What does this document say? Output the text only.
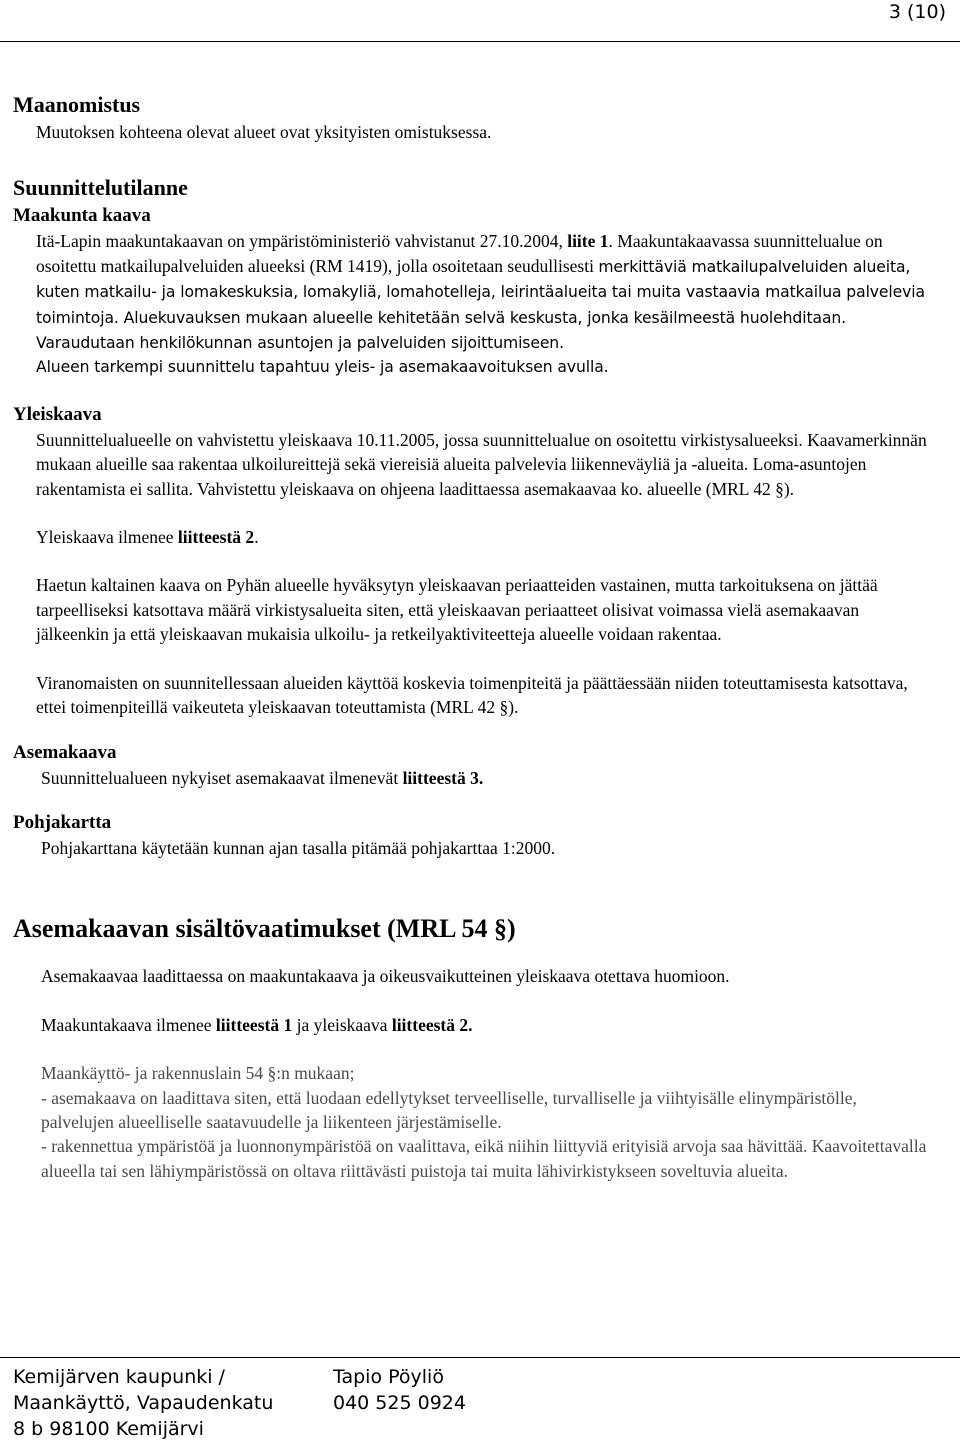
3 (10)
Maanomistus

Muutoksen kohteena olevat alueet ovat yksityisten omistuksessa.

Suunnittelutilanne
Maakunta kaava

Itä-Lapin maakuntakaavan on ympäristöministeriö vahvistanut 27.10.2004, liite 1. Maakuntakaavassa suunnittelualue on osoitettu matkailupalveluiden alueeksi (RM 1419), jolla osoitetaan seudullisesti merkittäviä matkailupalveluiden alueita, kuten matkailu- ja lomakeskuksia, lomakyliä, lomahotelleja, leirintäalueita tai muita vastaavia matkailua palvelevia toimintoja. Aluekuvauksen mukaan alueelle kehitetään selvä keskusta, jonka kesäilmeestä huolehditaan. Varaudutaan henkilökunnan asuntojen ja palveluiden sijoittumiseen.

Alueen tarkempi suunnittelu tapahtuu yleis- ja asemakaavoituksen avulla.

Yleiskaava

Suunnittelualueelle on vahvistettu yleiskaava 10.11.2005, jossa suunnittelualue on osoitettu virkistysalueeksi. Kaavamerkinnän mukaan alueille saa rakentaa ulkoilureittejä sekä viereisiä alueita palvelevia liikenneväyliä ja -alueita. Loma-asuntojen rakentamista ei sallita. Vahvistettu yleiskaava on ohjeena laadittaessa asemakaavaa ko. alueelle (MRL 42 §).

Yleiskaava ilmenee liitteestä 2.

Haetun kaltainen kaava on Pyhän alueelle hyväksytyn yleiskaavan periaatteiden vastainen, mutta tarkoituksena on jättää tarpeelliseksi katsottava määrä virkistysalueita siten, että yleiskaavan periaatteet olisivat voimassa vielä asemakaavan jälkeenkin ja että yleiskaavan mukaisia ulkoilu- ja retkeilyaktiviteetteja alueelle voidaan rakentaa.

Viranomaisten on suunnitellessaan alueiden käyttöä koskevia toimenpiteitä ja päättäessään niiden toteuttamisesta katsottava, ettei toimenpiteillä vaikeuteta yleiskaavan toteuttamista (MRL 42 §).

Asemakaava

Suunnittelualueen nykyiset asemakaavat ilmenevät liitteestä 3.

Pohjakartta

Pohjakarttana käytetään kunnan ajan tasalla pitämää pohjakarttaa 1:2000.

Asemakaavan sisältövaatimukset (MRL 54 §)

Asemakaavaa laadittaessa on maakuntakaava ja oikeusvaikutteinen yleiskaava otettava huomioon.

Maakuntakaava ilmenee liitteestä 1 ja yleiskaava liitteestä 2.

Maankäyttö- ja rakennuslain 54 §:n mukaan;

- asemakaava on laadittava siten, että luodaan edellytykset terveelliselle, turvalliselle ja viihtyisälle elinympäristölle, palvelujen alueelliselle saatavuudelle ja liikenteen järjestämiselle.

- rakennettua ympäristöä ja luonnonympäristöä on vaalittava, eikä niihin liittyviä erityisiä arvoja saa hävittää. Kaavoitettavalla alueella tai sen lähiympäristössä on oltava riittävästi puistoja tai muita lähivirkistykseen soveltuvia alueita.

Kemijärven kaupunki /
Maankäyttö, Vapaudenkatu
8 b 98100 Kemijärvi
Tapio Pöyliö
040 525 0924
